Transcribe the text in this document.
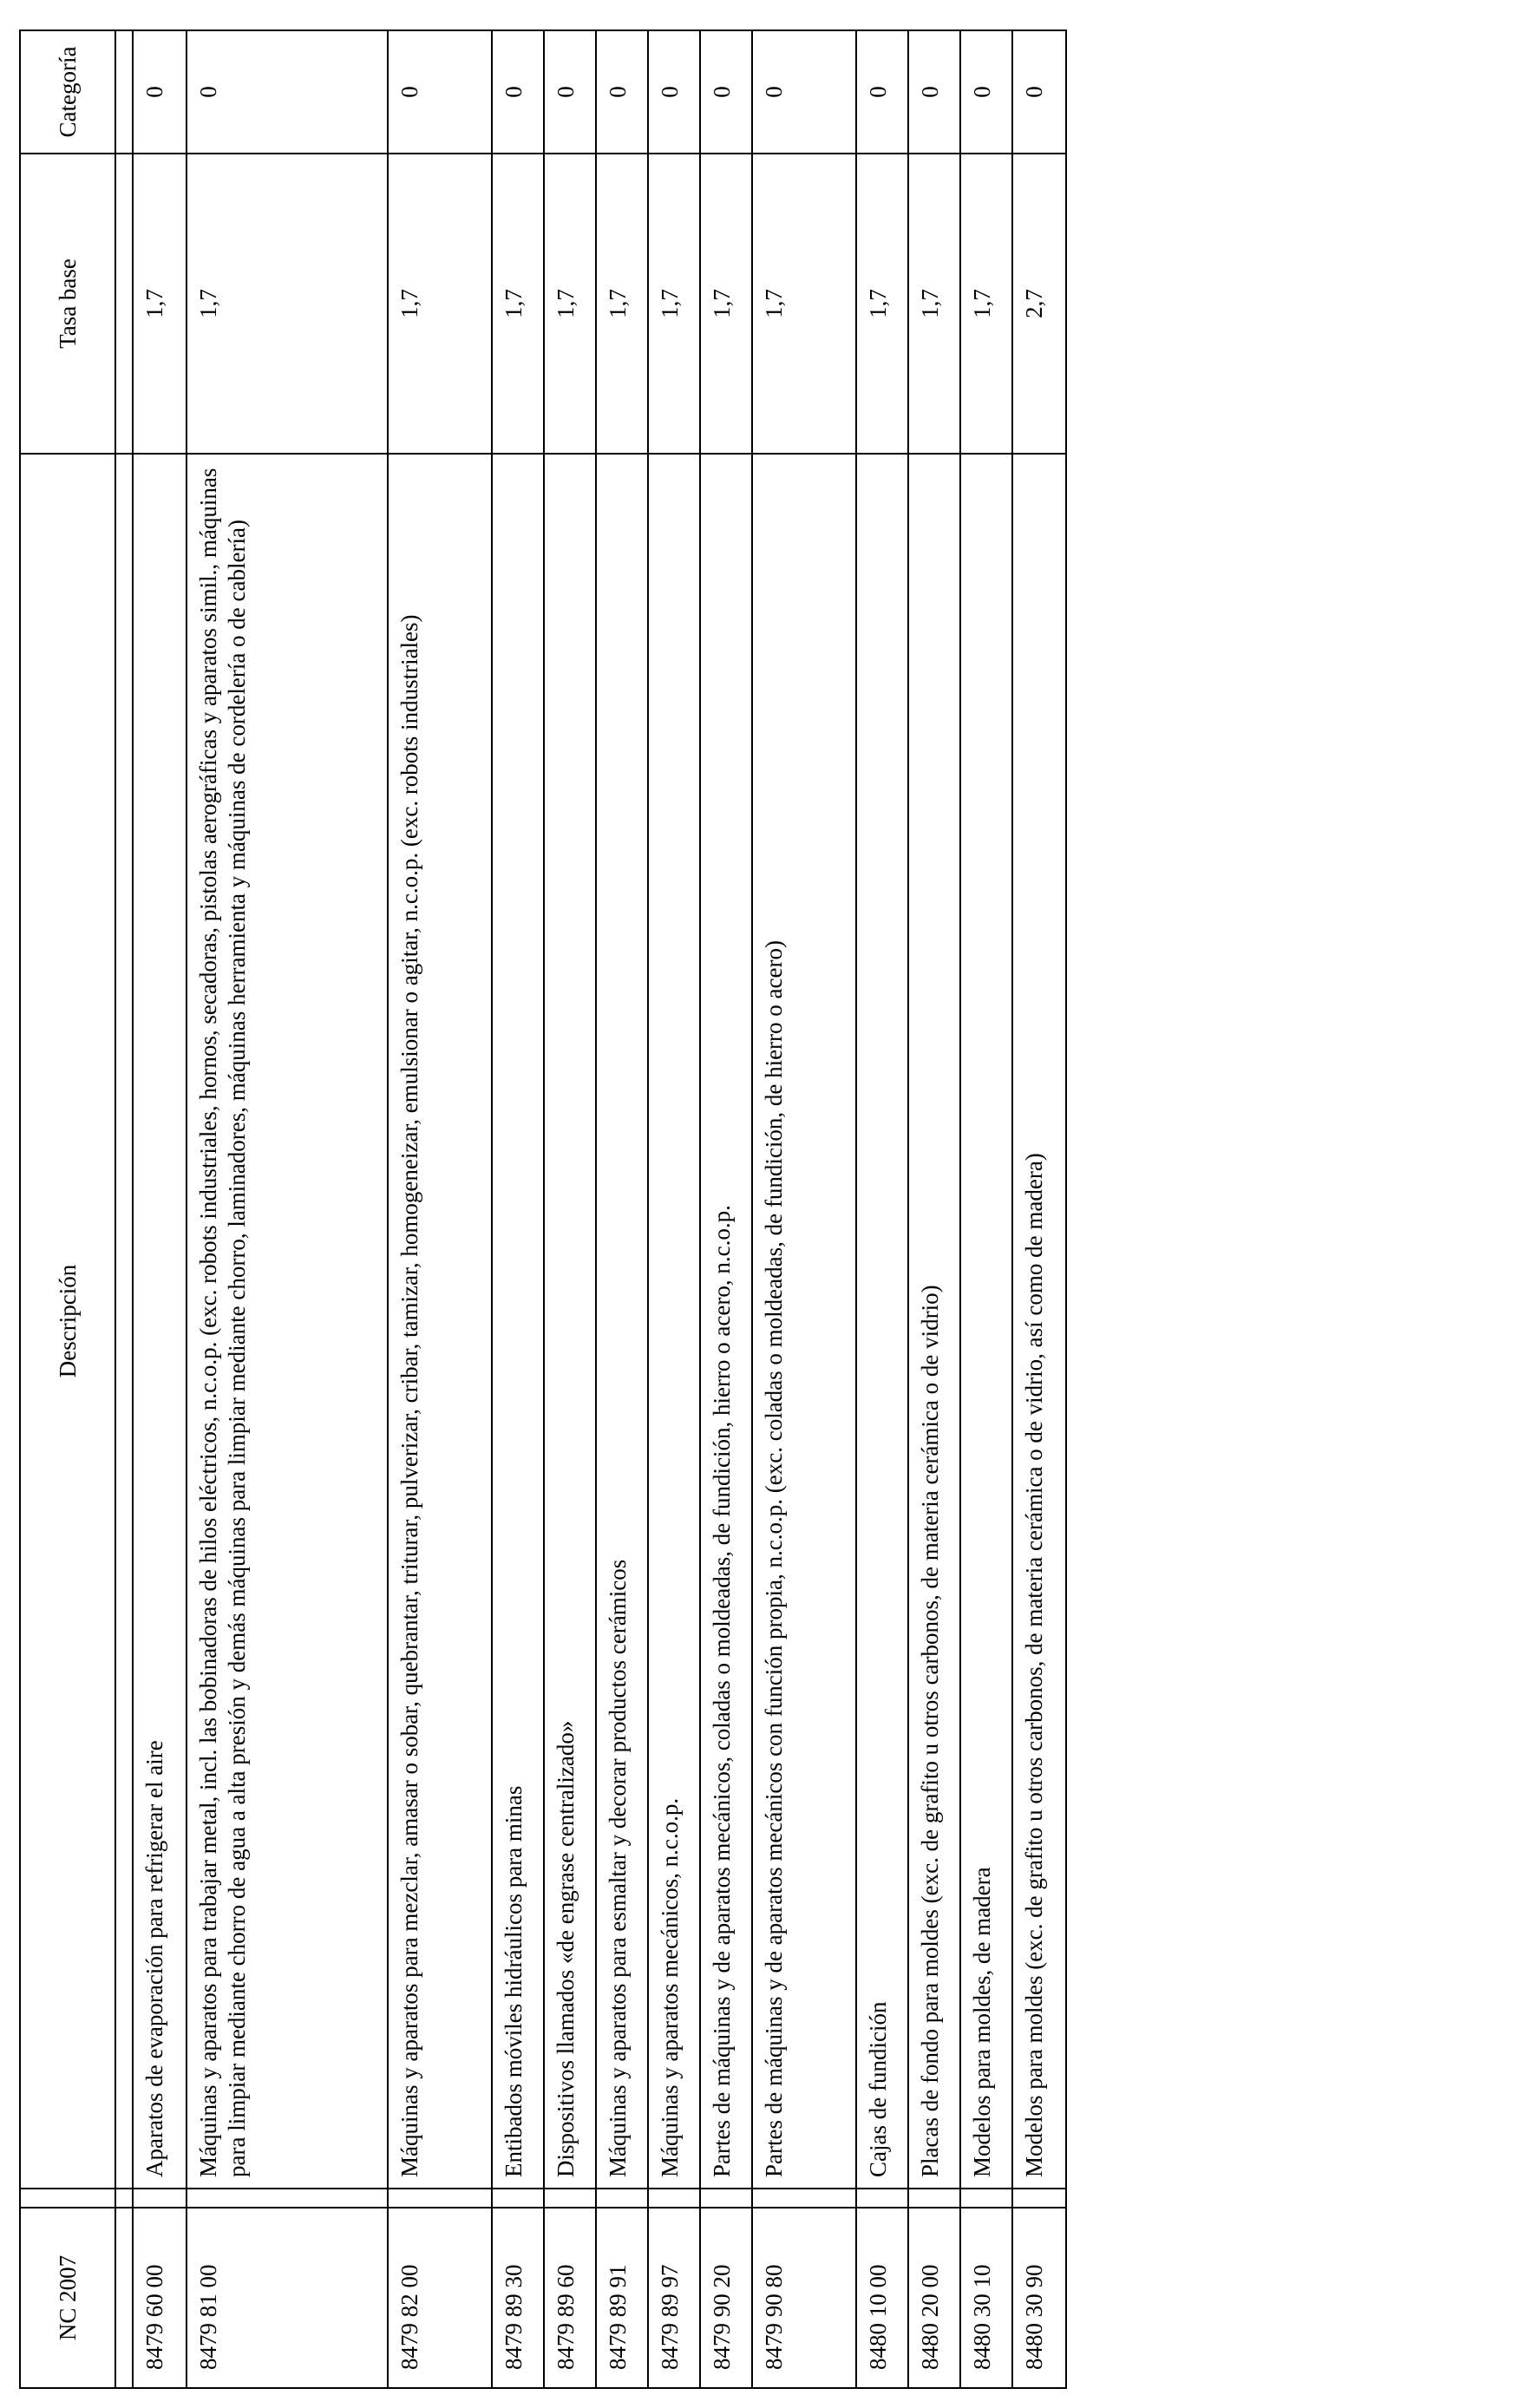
NC 2007		Descripción	Tasa base	Categoría

8479 60 00		Aparatos de evaporación para refrigerar el aire	1,7	0
8479 81 00		Máquinas y aparatos para trabajar metal, incl. las bobinadoras de hilos eléctricos, n.c.o.p. (exc. robots industriales, hornos, secadoras, pistolas aerográficas y aparatos simil., máquinas para limpiar mediante chorro de agua a alta presión y demás máquinas para limpiar mediante chorro, laminadores, máquinas herramienta y máquinas de cordelería o de cablería)	1,7	0
8479 82 00		Máquinas y aparatos para mezclar, amasar o sobar, quebrantar, triturar, pulverizar, cribar, tamizar, homogeneizar, emulsionar o agitar, n.c.o.p. (exc. robots industriales)	1,7	0
8479 89 30		Entibados móviles hidráulicos para minas	1,7	0
8479 89 60		Dispositivos llamados «de engrase centralizado»	1,7	0
8479 89 91		Máquinas y aparatos para esmaltar y decorar productos cerámicos	1,7	0
8479 89 97		Máquinas y aparatos mecánicos, n.c.o.p.	1,7	0
8479 90 20		Partes de máquinas y de aparatos mecánicos, coladas o moldeadas, de fundición, hierro o acero, n.c.o.p.	1,7	0
8479 90 80		Partes de máquinas y de aparatos mecánicos con función propia, n.c.o.p. (exc. coladas o moldeadas, de fundición, de hierro o acero)	1,7	0
8480 10 00		Cajas de fundición	1,7	0
8480 20 00		Placas de fondo para moldes (exc. de grafito u otros carbonos, de materia cerámica o de vidrio)	1,7	0
8480 30 10		Modelos para moldes, de madera	1,7	0
8480 30 90		Modelos para moldes (exc. de grafito u otros carbonos, de materia cerámica o de vidrio, así como de madera)	2,7	0
